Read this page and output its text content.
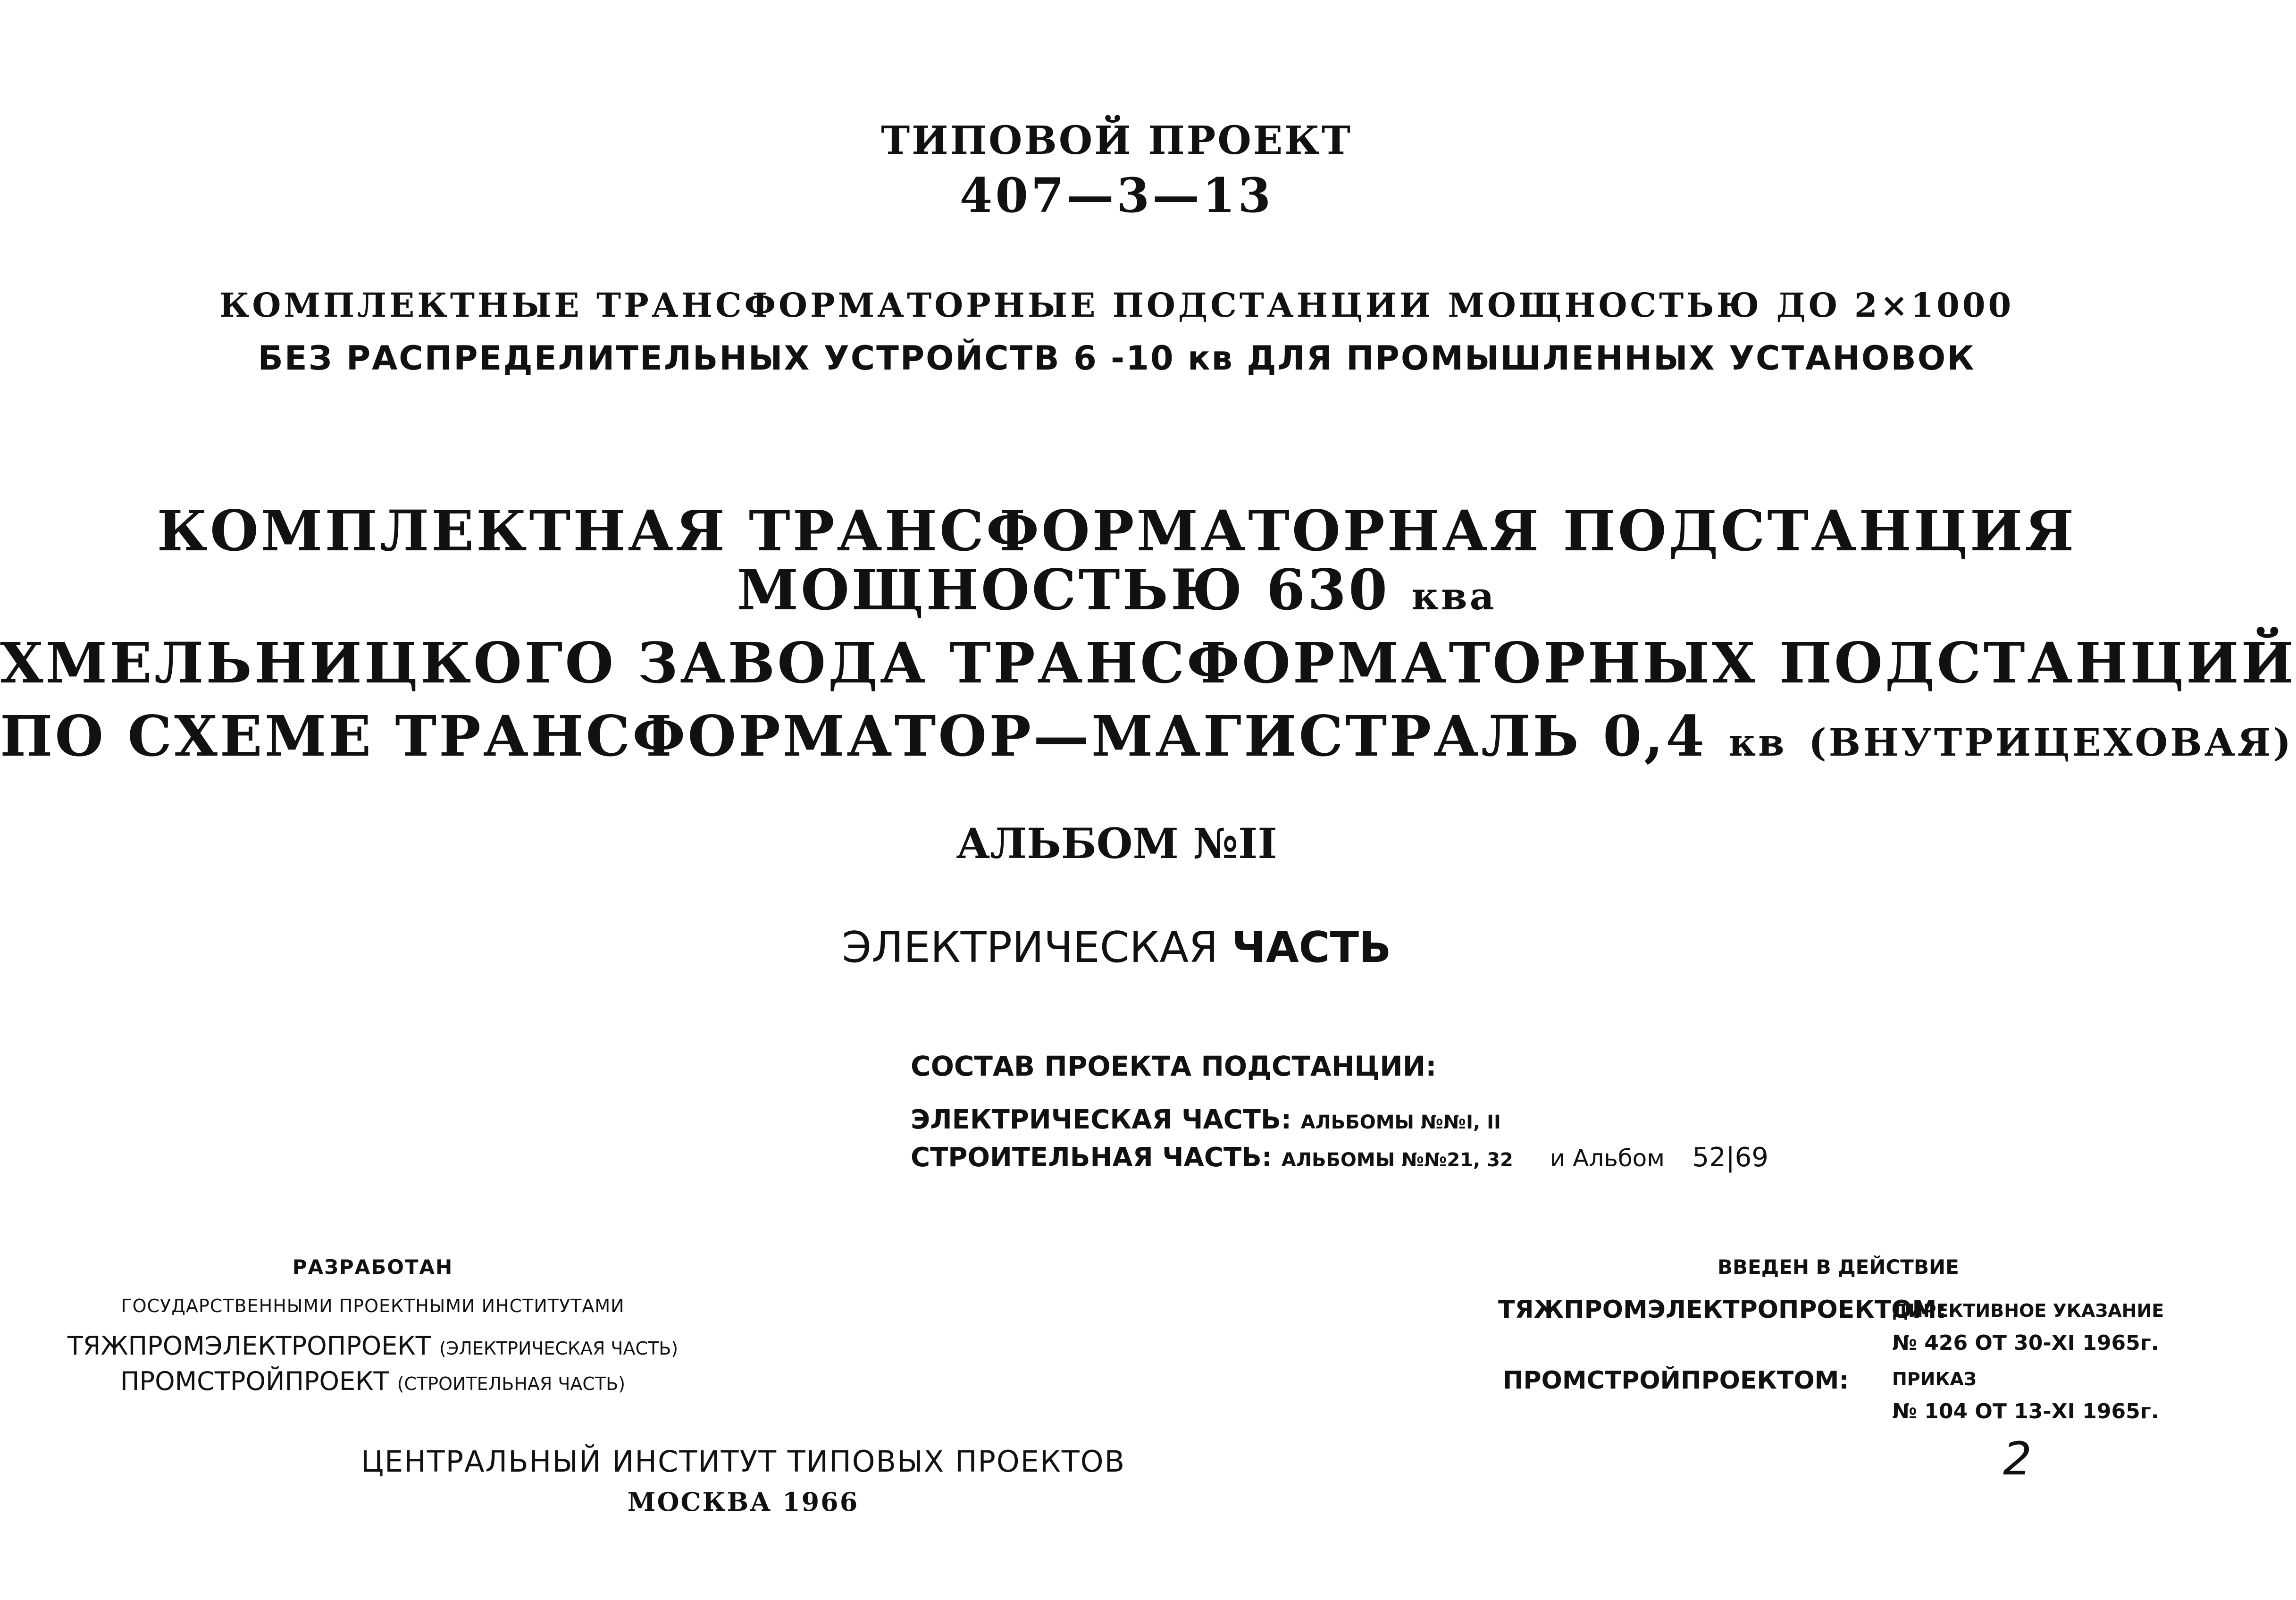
ТИПОВОЙ ПРОЕКТ
407—3—13
КОМПЛЕКТНЫЕ ТРАНСФОРМАТОРНЫЕ ПОДСТАНЦИИ МОЩНОСТЬЮ ДО 2×1000
БЕЗ РАСПРЕДЕЛИТЕЛЬНЫХ УСТРОЙСТВ 6 -10 кв ДЛЯ ПРОМЫШЛЕННЫХ УСТАНОВОК
КОМПЛЕКТНАЯ ТРАНСФОРМАТОРНАЯ ПОДСТАНЦИЯ
МОЩНОСТЬЮ 630 ква
ХМЕЛЬНИЦКОГО ЗАВОДА ТРАНСФОРМАТОРНЫХ ПОДСТАНЦИЙ
ПО СХЕМЕ ТРАНСФОРМАТОР—МАГИСТРАЛЬ 0,4 кв (ВНУТРИЦЕХОВАЯ)
АЛЬБОМ №II
ЭЛЕКТРИЧЕСКАЯ ЧАСТЬ
СОСТАВ ПРОЕКТА ПОДСТАНЦИИ:
ЭЛЕКТРИЧЕСКАЯ ЧАСТЬ: АЛЬБОМЫ №№I, II
СТРОИТЕЛЬНАЯ ЧАСТЬ: АЛЬБОМЫ №№21, 32 и Альбом 52|69
РАЗРАБОТАН
ГОСУДАРСТВЕННЫМИ ПРОЕКТНЫМИ ИНСТИТУТАМИ
ТЯЖПРОМЭЛЕКТРОПРОЕКТ (ЭЛЕКТРИЧЕСКАЯ ЧАСТЬ)
ПРОМСТРОЙПРОЕКТ (СТРОИТЕЛЬНАЯ ЧАСТЬ)
ВВЕДЕН В ДЕЙСТВИЕ
ТЯЖПРОМЭЛЕКТРОПРОЕКТОМ:
ДИРЕКТИВНОЕ УКАЗАНИЕ
№ 426 ОТ 30-XI 1965г.
ПРОМСТРОЙПРОЕКТОМ: ПРИКАЗ
№ 104 ОТ 13-XI 1965г.
ЦЕНТРАЛЬНЫЙ ИНСТИТУТ ТИПОВЫХ ПРОЕКТОВ
МОСКВА 1966
2
